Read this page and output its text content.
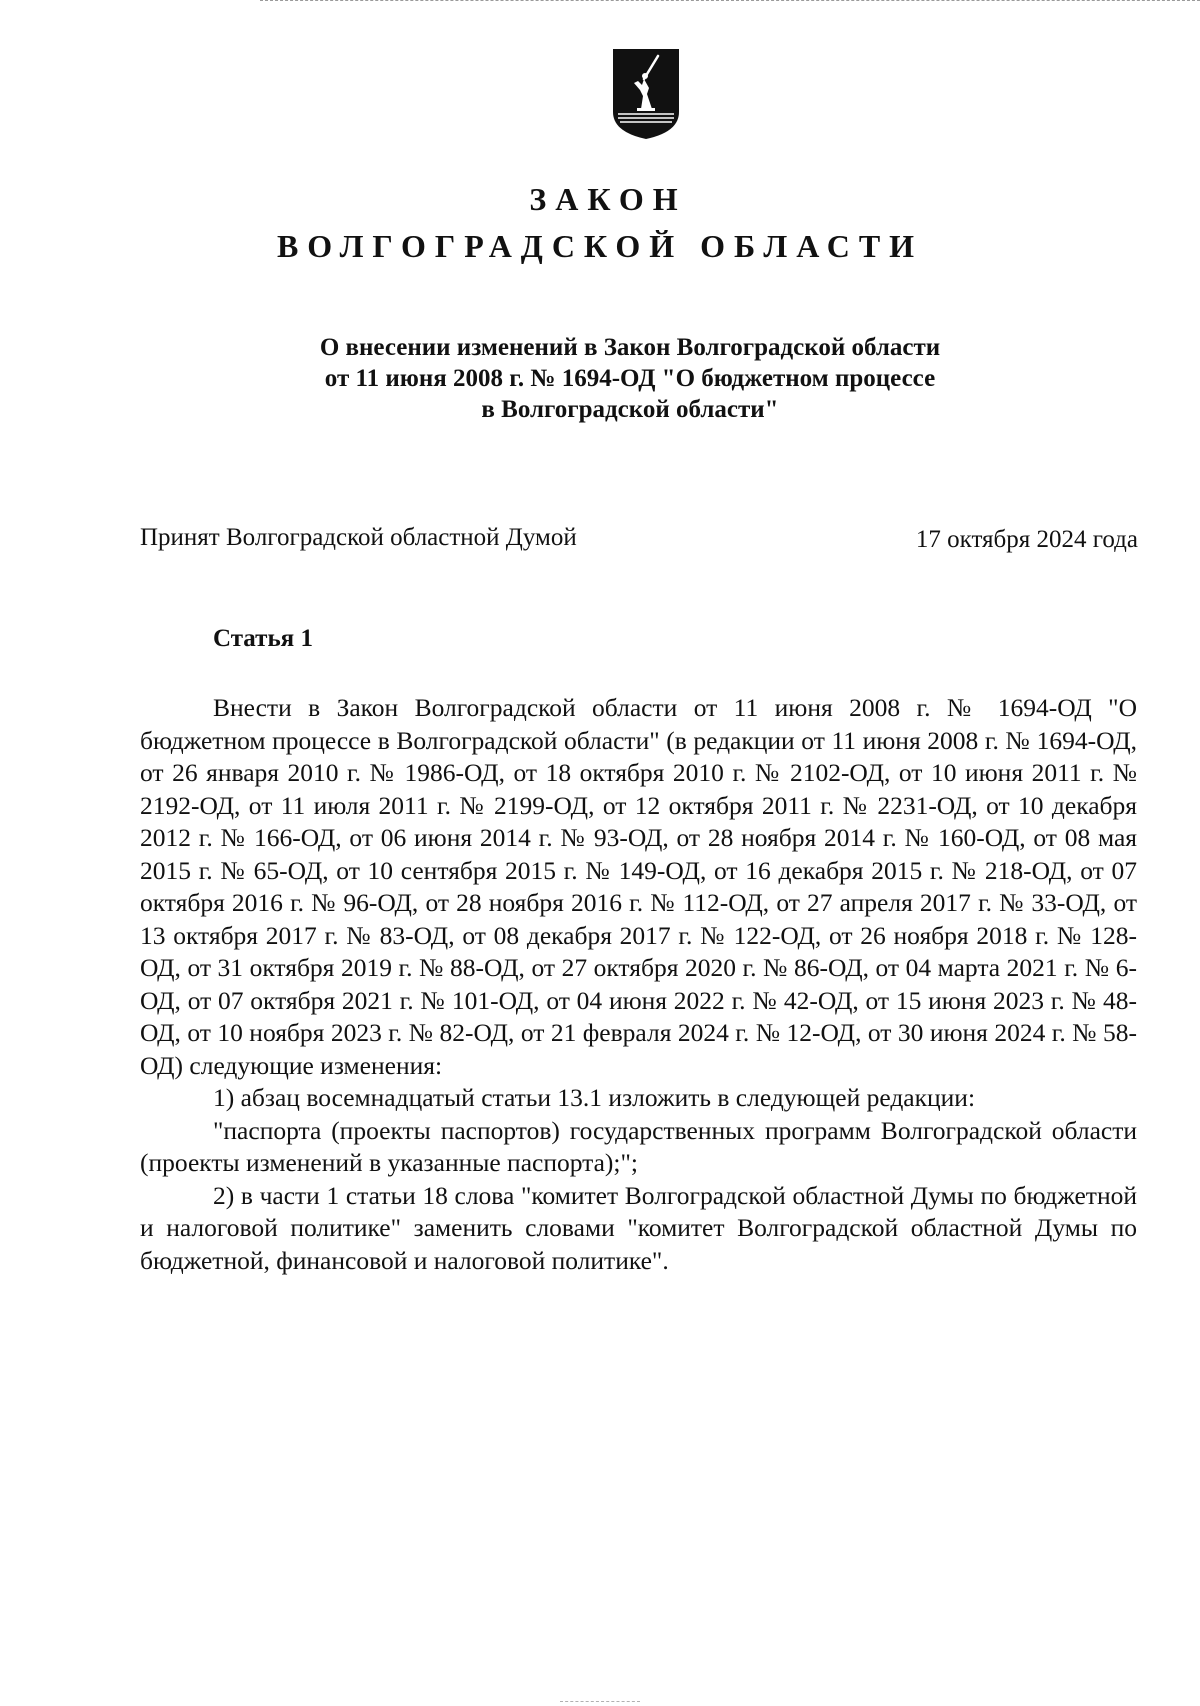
ЗАКОН
ВОЛГОГРАДСКОЙ ОБЛАСТИ
О внесении изменений в Закон Волгоградской области
от 11 июня 2008 г. № 1694-ОД "О бюджетном процессе
в Волгоградской области"
Принят Волгоградской областной Думой	17 октября 2024 года
Статья 1

Внести в Закон Волгоградской области от 11 июня 2008 г. № 1694-ОД "О бюджетном процессе в Волгоградской области" (в редакции от 11 июня 2008 г. № 1694-ОД, от 26 января 2010 г. № 1986-ОД, от 18 октября 2010 г. № 2102-ОД, от 10 июня 2011 г. № 2192-ОД, от 11 июля 2011 г. № 2199-ОД, от 12 октября 2011 г. № 2231-ОД, от 10 декабря 2012 г. № 166-ОД, от 06 июня 2014 г. № 93-ОД, от 28 ноября 2014 г. № 160-ОД, от 08 мая 2015 г. № 65-ОД, от 10 сентября 2015 г. № 149-ОД, от 16 декабря 2015 г. № 218-ОД, от 07 октября 2016 г. № 96-ОД, от 28 ноября 2016 г. № 112-ОД, от 27 апреля 2017 г. № 33-ОД, от 13 октября 2017 г. № 83-ОД, от 08 декабря 2017 г. № 122-ОД, от 26 ноября 2018 г. № 128-ОД, от 31 октября 2019 г. № 88-ОД, от 27 октября 2020 г. № 86-ОД, от 04 марта 2021 г. № 6-ОД, от 07 октября 2021 г. № 101-ОД, от 04 июня 2022 г. № 42-ОД, от 15 июня 2023 г. № 48-ОД, от 10 ноября 2023 г. № 82-ОД, от 21 февраля 2024 г. № 12-ОД, от 30 июня 2024 г. № 58-ОД) следующие изменения:

1) абзац восемнадцатый статьи 13.1 изложить в следующей редакции:

"паспорта (проекты паспортов) государственных программ Волгоградской области (проекты изменений в указанные паспорта);";

2) в части 1 статьи 18 слова "комитет Волгоградской областной Думы по бюджетной и налоговой политике" заменить словами "комитет Волгоградской областной Думы по бюджетной, финансовой и налоговой политике".
